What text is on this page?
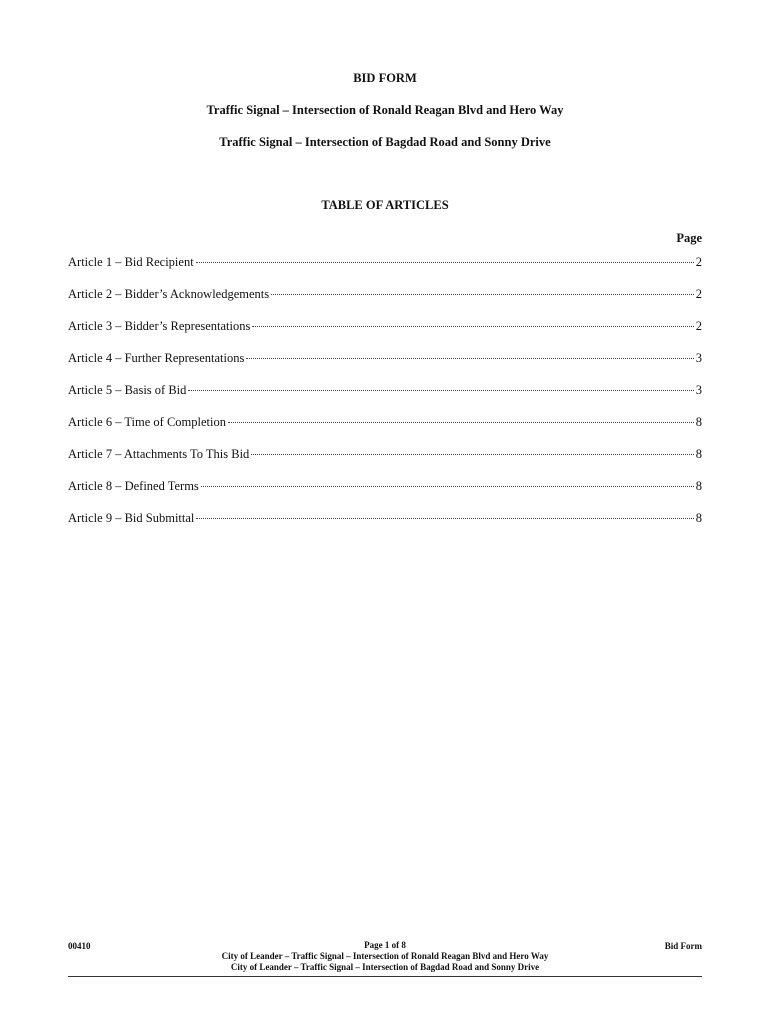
BID FORM
Traffic Signal – Intersection of Ronald Reagan Blvd and Hero Way
Traffic Signal – Intersection of Bagdad Road and Sonny Drive
TABLE OF ARTICLES
Page
Article 1 – Bid Recipient	2
Article 2 – Bidder’s Acknowledgements	2
Article 3 – Bidder’s Representations	2
Article 4 – Further Representations	3
Article 5 – Basis of Bid	3
Article 6 – Time of Completion	8
Article 7 – Attachments To This Bid	8
Article 8 – Defined Terms	8
Article 9 – Bid Submittal	8
00410	Page 1 of 8
City of Leander – Traffic Signal – Intersection of Ronald Reagan Blvd and Hero Way
City of Leander – Traffic Signal – Intersection of Bagdad Road and Sonny Drive
Bid Form
